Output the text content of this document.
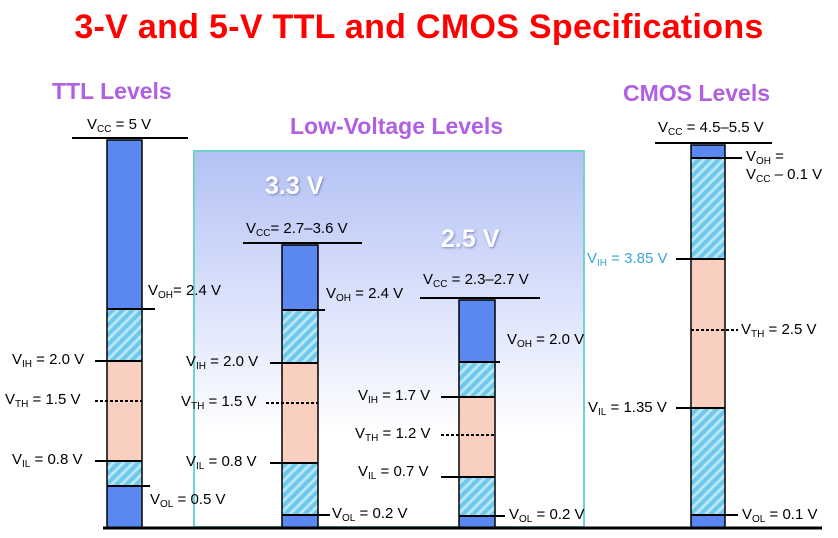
3-V and 5-V TTL and CMOS Specifications
TTL Levels
Low-Voltage Levels
CMOS Levels
3.3 V
2.5 V
$V_{CC} = 5$ V
$V_{OH}= 2.4$ V
$V_{IH} = 2.0$ V
$V_{TH} = 1.5$ V
$V_{IL} = 0.8$ V
$V_{OL} = 0.5$ V
$V_{CC}= 2.7-3.6$ V
$V_{OH} = 2.4$ V
$V_{IH} = 2.0$ V
$V_{TH} = 1.5$ V
$V_{IL} = 0.8$ V
$V_{OL} = 0.2$ V
$V_{CC} = 2.3-2.7$ V
$V_{OH} = 2.0$ V
$V_{IH} = 1.7$ V
$V_{TH} = 1.2$ V
$V_{IL} = 0.7$ V
$V_{OL} = 0.2$ V
$V_{CC} = 4.5-5.5$ V
$V_{OH}$ =
$V_{CC} - 0.1$ V
$V_{IH} = 3.85$ V
$V_{TH} = 2.5$ V
$V_{IL} = 1.35$ V
$V_{OL} = 0.1$ V
